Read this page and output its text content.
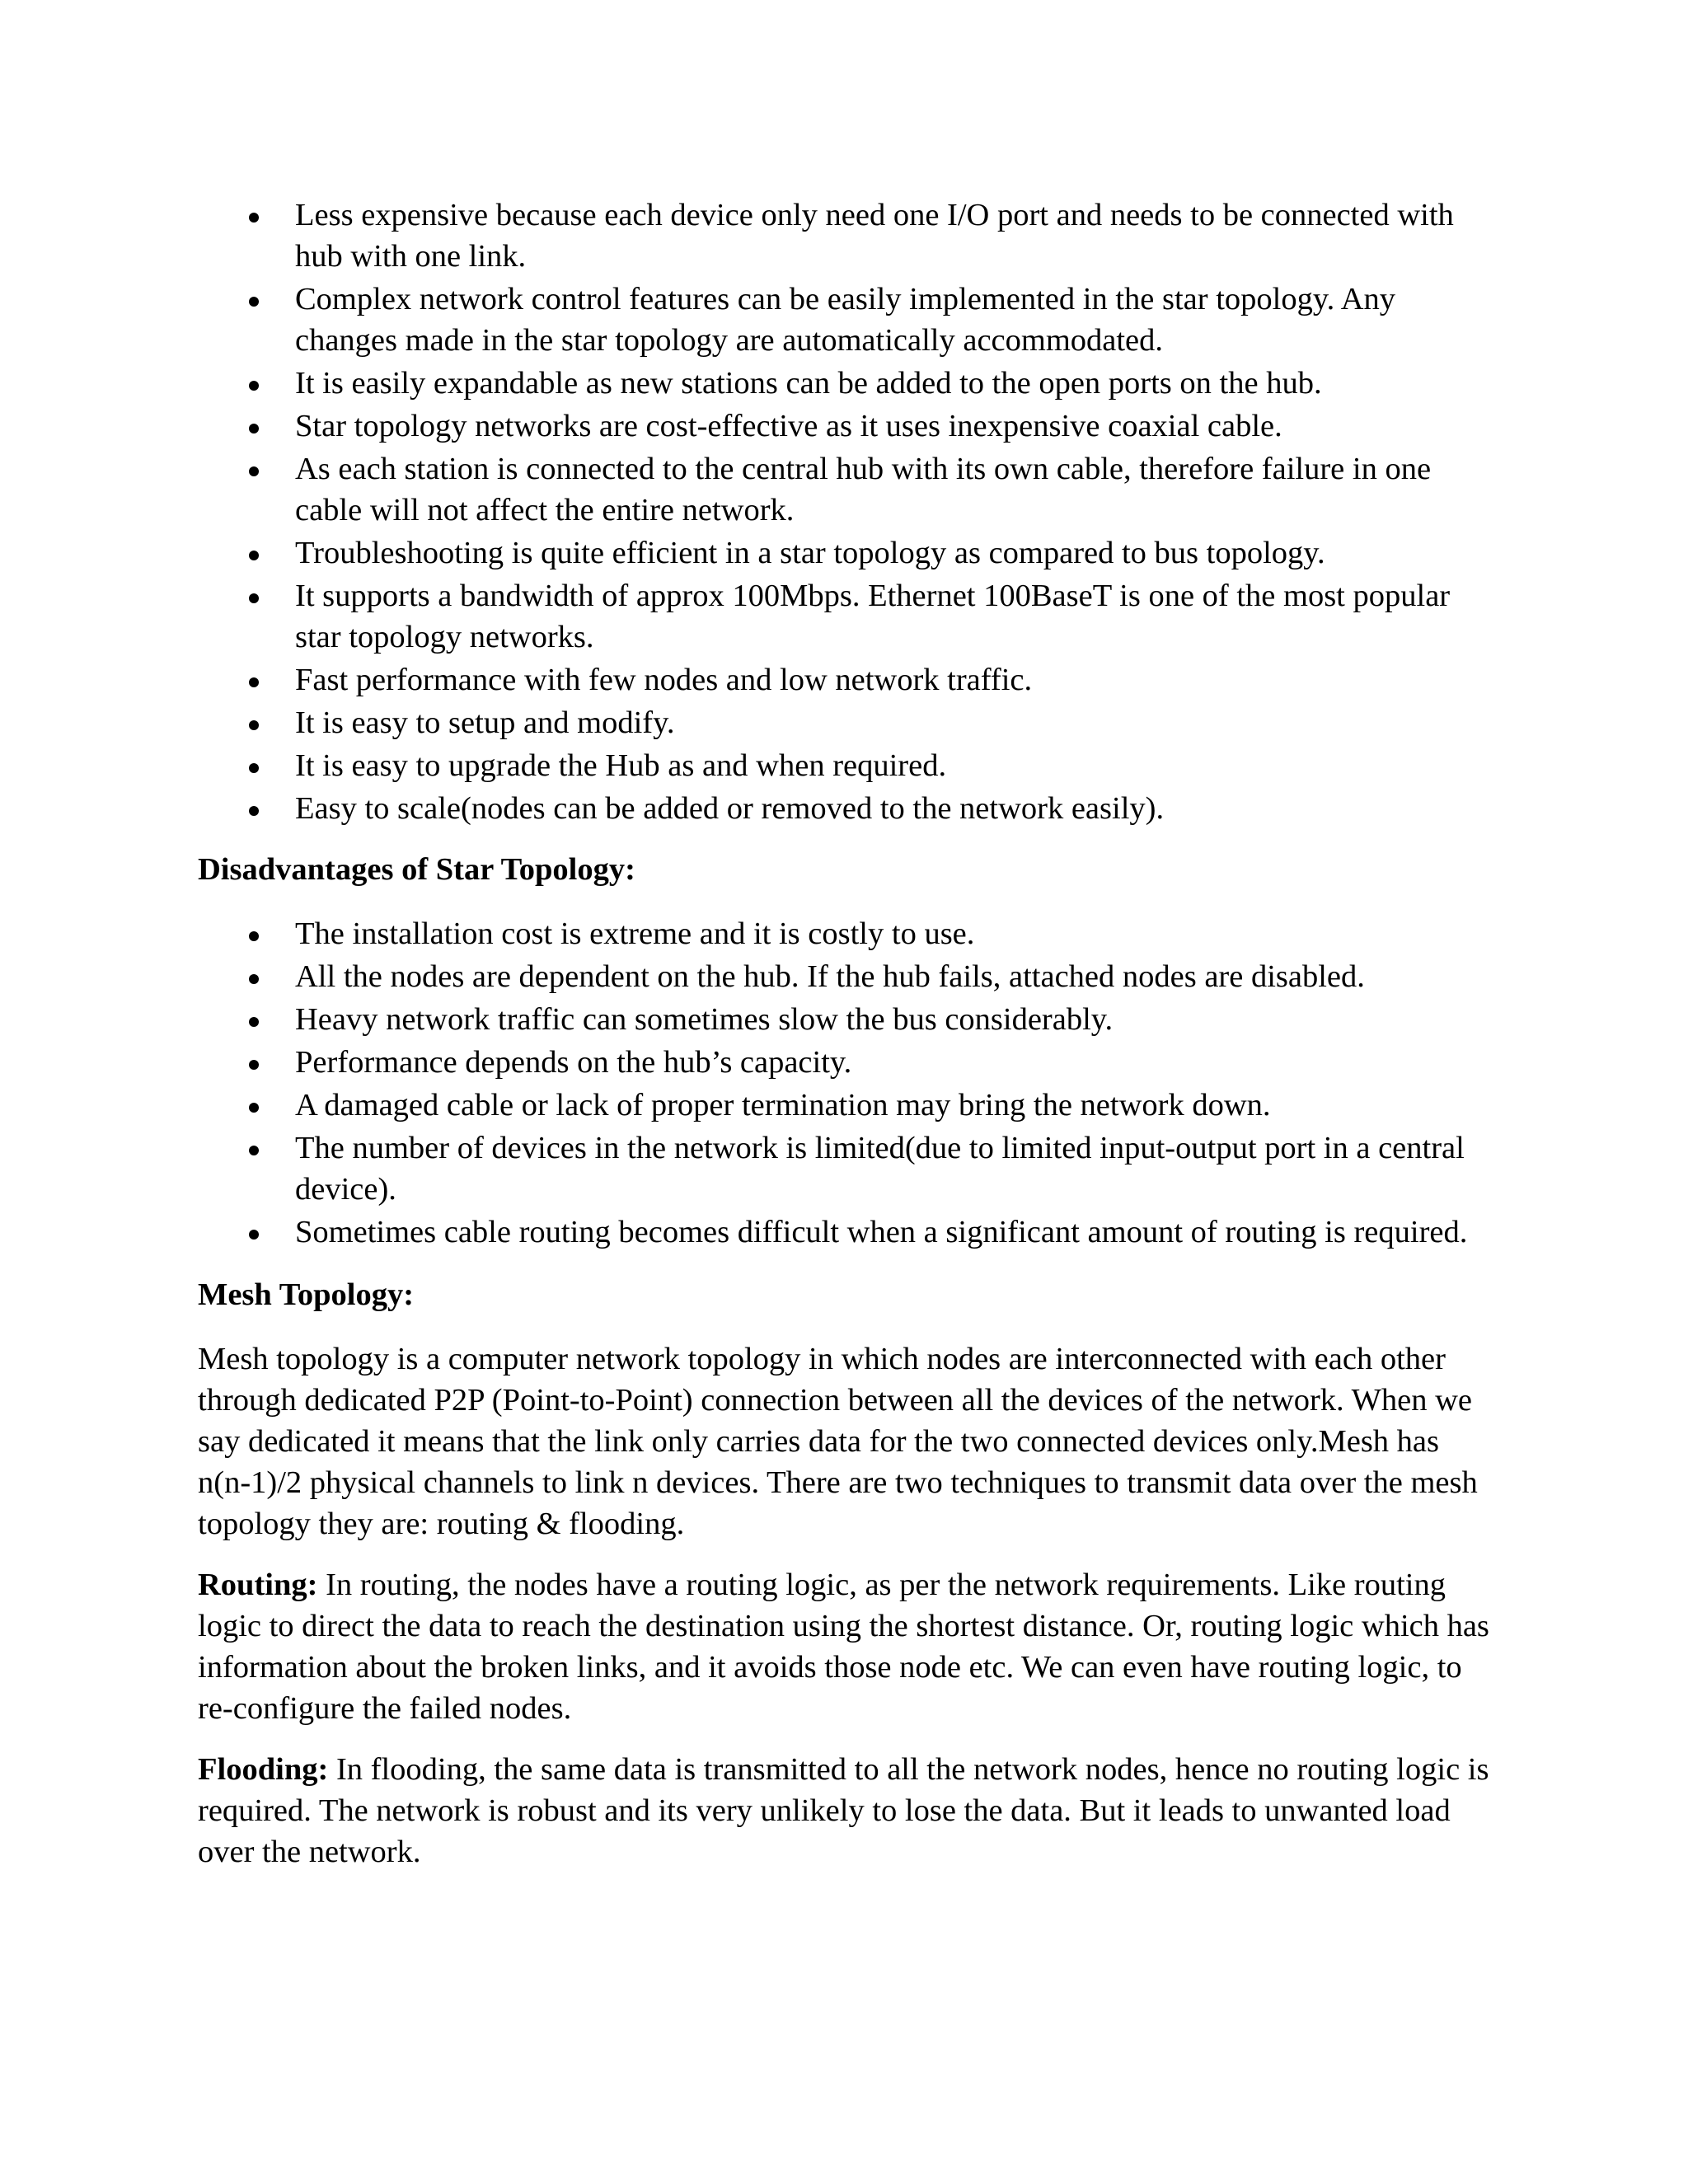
Less expensive because each device only need one I/O port and needs to be connected with hub with one link.
Complex network control features can be easily implemented in the star topology. Any changes made in the star topology are automatically accommodated.
It is easily expandable as new stations can be added to the open ports on the hub.
Star topology networks are cost-effective as it uses inexpensive coaxial cable.
As each station is connected to the central hub with its own cable, therefore failure in one cable will not affect the entire network.
Troubleshooting is quite efficient in a star topology as compared to bus topology.
It supports a bandwidth of approx 100Mbps. Ethernet 100BaseT is one of the most popular star topology networks.
Fast performance with few nodes and low network traffic.
It is easy to setup and modify.
It is easy to upgrade the Hub as and when required.
Easy to scale(nodes can be added or removed to the network easily).
Disadvantages of Star Topology:
The installation cost is extreme and it is costly to use.
All the nodes are dependent on the hub. If the hub fails, attached nodes are disabled.
Heavy network traffic can sometimes slow the bus considerably.
Performance depends on the hub’s capacity.
A damaged cable or lack of proper termination may bring the network down.
The number of devices in the network is limited(due to limited input-output port in a central device).
Sometimes cable routing becomes difficult when a significant amount of routing is required.
Mesh Topology:

Mesh topology is a computer network topology in which nodes are interconnected with each other through dedicated P2P (Point-to-Point) connection between all the devices of the network. When we say dedicated it means that the link only carries data for the two connected devices only.Mesh has n(n-1)/2 physical channels to link n devices. There are two techniques to transmit data over the mesh topology they are: routing & flooding.

Routing: In routing, the nodes have a routing logic, as per the network requirements. Like routing logic to direct the data to reach the destination using the shortest distance. Or, routing logic which has information about the broken links, and it avoids those node etc. We can even have routing logic, to re-configure the failed nodes.

Flooding: In flooding, the same data is transmitted to all the network nodes, hence no routing logic is required. The network is robust and its very unlikely to lose the data. But it leads to unwanted load over the network.
